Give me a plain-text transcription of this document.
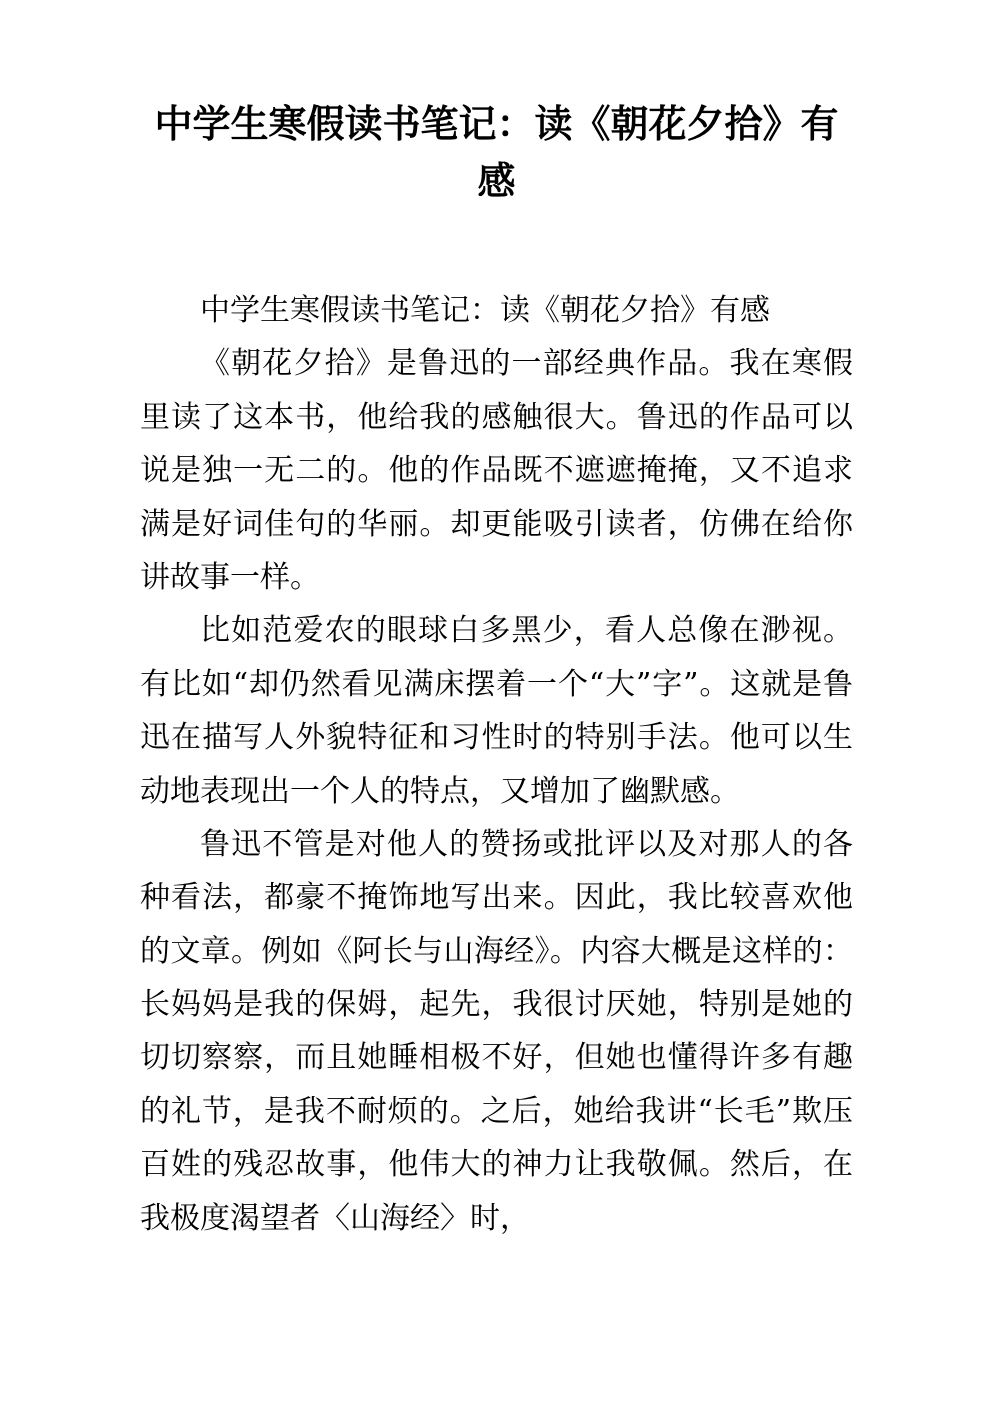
中学生寒假读书笔记：读《朝花夕拾》有感

中学生寒假读书笔记：读《朝花夕拾》有感

《朝花夕拾》是鲁迅的一部经典作品。我在寒假里读了这本书，他给我的感触很大。鲁迅的作品可以说是独一无二的。他的作品既不遮遮掩掩，又不追求满是好词佳句的华丽。却更能吸引读者，仿佛在给你讲故事一样。

比如范爱农的眼球白多黑少，看人总像在渺视。有比如“却仍然看见满床摆着一个“大”字”。这就是鲁迅在描写人外貌特征和习性时的特别手法。他可以生动地表现出一个人的特点，又增加了幽默感。

鲁迅不管是对他人的赞扬或批评以及对那人的各种看法，都豪不掩饰地写出来。因此，我比较喜欢他的文章。例如《阿长与山海经》。内容大概是这样的：长妈妈是我的保姆，起先，我很讨厌她，特别是她的切切察察，而且她睡相极不好，但她也懂得许多有趣的礼节，是我不耐烦的。之后，她给我讲“长毛”欺压百姓的残忍故事，他伟大的神力让我敬佩。然后，在我极度渴望者〈山海经〉时，
